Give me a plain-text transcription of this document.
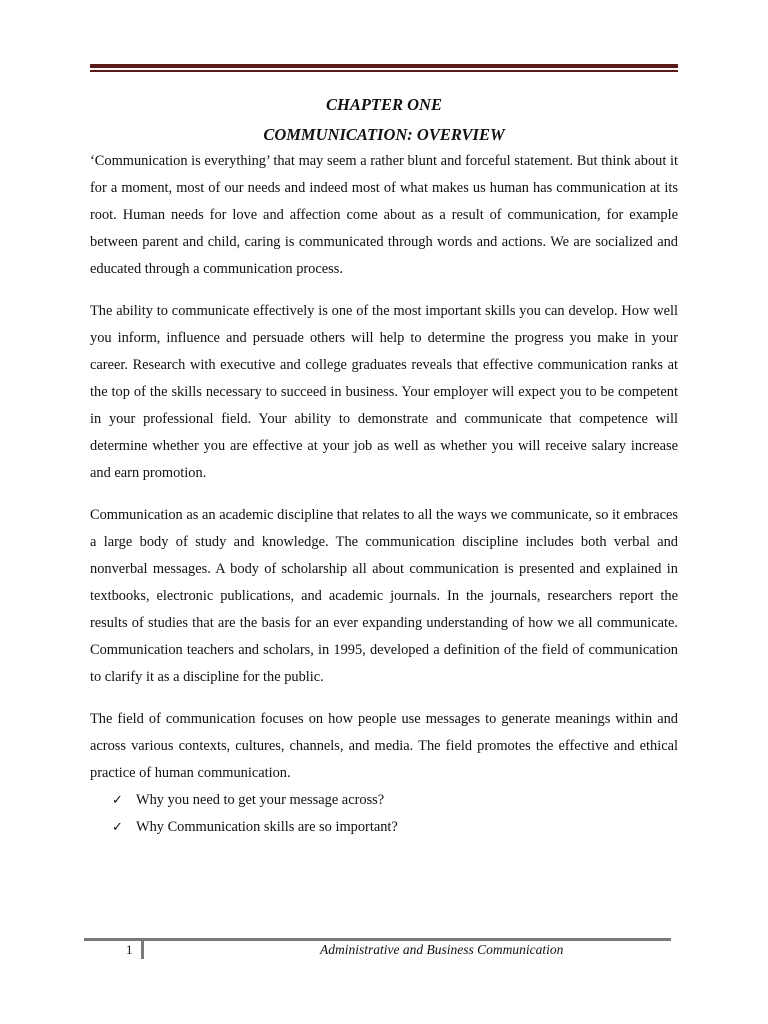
CHAPTER ONE
COMMUNICATION: OVERVIEW

‘Communication is everything’ that may seem a rather blunt and forceful statement. But think about it for a moment, most of our needs and indeed most of what makes us human has communication at its root. Human needs for love and affection come about as a result of communication, for example between parent and child, caring is communicated through words and actions. We are socialized and educated through a communication process.

The ability to communicate effectively is one of the most important skills you can develop. How well you inform, influence and persuade others will help to determine the progress you make in your career. Research with executive and college graduates reveals that effective communication ranks at the top of the skills necessary to succeed in business. Your employer will expect you to be competent in your professional field. Your ability to demonstrate and communicate that competence will determine whether you are effective at your job as well as whether you will receive salary increase and earn promotion.

Communication as an academic discipline that relates to all the ways we communicate, so it embraces a large body of study and knowledge. The communication discipline includes both verbal and nonverbal messages. A body of scholarship all about communication is presented and explained in textbooks, electronic publications, and academic journals. In the journals, researchers report the results of studies that are the basis for an ever expanding understanding of how we all communicate. Communication teachers and scholars, in 1995, developed a definition of the field of communication to clarify it as a discipline for the public.

The field of communication focuses on how people use messages to generate meanings within and across various contexts, cultures, channels, and media. The field promotes the effective and ethical practice of human communication.

✓ Why you need to get your message across?
✓ Why Communication skills are so important?
1	Administrative and Business Communication
